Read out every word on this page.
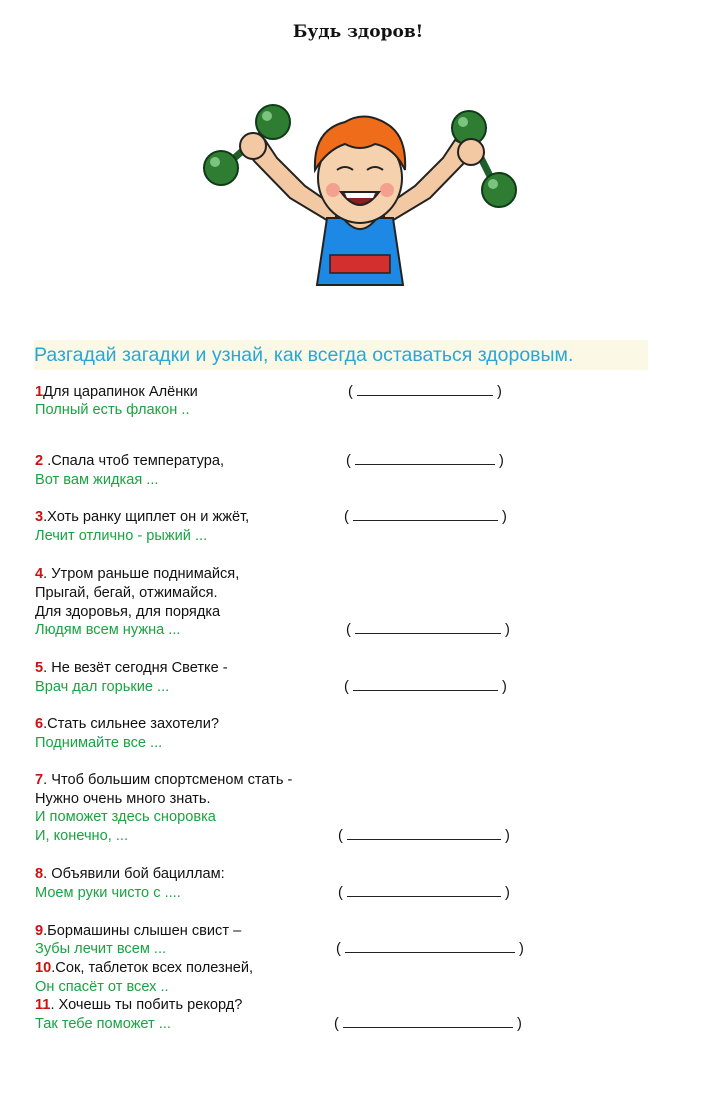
Будь здоров!
Разгадай загадки и узнай, как всегда оставаться здоровым.
1Для царапинок Алёнки
Полный есть флакон ..
(	)
2 .Спала чтоб температура,
Вот вам жидкая ...
(	)
3.Хоть ранку щиплет он и жжёт,
Лечит отлично - рыжий ...
(	)
4. Утром раньше поднимайся,
Прыгай, бегай, отжимайся.
Для здоровья, для порядка
Людям всем нужна ...	(	)
5. Не везёт сегодня Светке -
Врач дал горькие ...	(	)
6.Стать сильнее захотели?
Поднимайте все ...
7. Чтоб большим спортсменом стать -
Нужно очень много знать.
И поможет здесь сноровка
И, конечно, ...	(	)
8. Объявили бой бациллам:
Моем руки чисто с ....	(	)
9.Бормашины слышен свист –
Зубы лечит всем ...	(	)
10.Сок, таблеток всех полезней,
Он спасёт от всех ..
11. Хочешь ты побить рекорд?
Так тебе поможет ...	(	)
